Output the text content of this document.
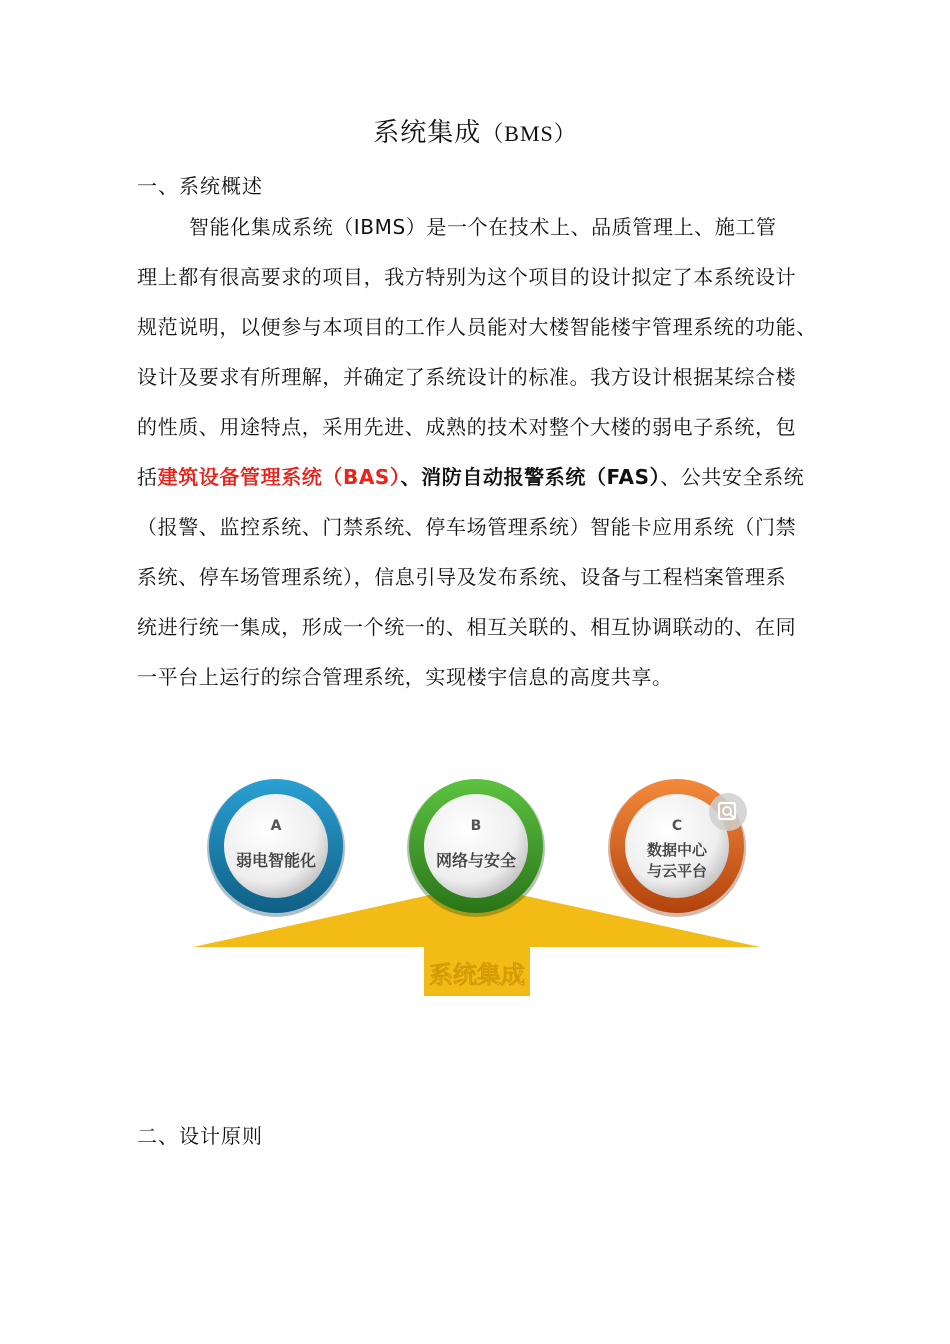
系统集成（BMS）
一、系统概述
智能化集成系统（IBMS）是一个在技术上、品质管理上、施工管
理上都有很高要求的项目，我方特别为这个项目的设计拟定了本系统设计
规范说明，以便参与本项目的工作人员能对大楼智能楼宇管理系统的功能、
设计及要求有所理解，并确定了系统设计的标准。我方设计根据某综合楼
的性质、用途特点，采用先进、成熟的技术对整个大楼的弱电子系统，包
括建筑设备管理系统（BAS）、消防自动报警系统（FAS）、公共安全系统
（报警、监控系统、门禁系统、停车场管理系统）智能卡应用系统（门禁
系统、停车场管理系统），信息引导及发布系统、设备与工程档案管理系
统进行统一集成，形成一个统一的、相互关联的、相互协调联动的、在同
一平台上运行的综合管理系统，实现楼宇信息的高度共享。
系统集成
A
弱电智能化
B
网络与安全
C
数据中心
与云平台
二、设计原则
